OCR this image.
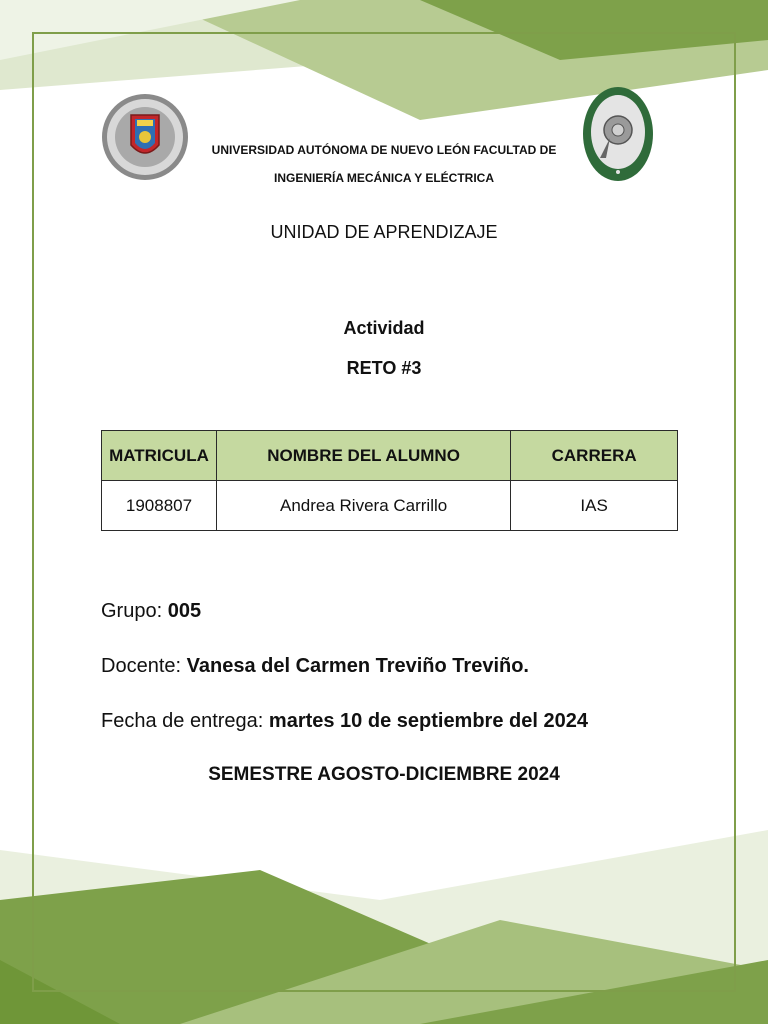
UNIVERSIDAD AUTÓNOMA DE NUEVO LEÓN FACULTAD DE
INGENIERÍA MECÁNICA Y ELÉCTRICA
UNIDAD DE APRENDIZAJE
Actividad
RETO #3
MATRICULA	NOMBRE DEL ALUMNO	CARRERA
1908807	Andrea Rivera Carrillo	IAS
Grupo: 005
Docente: Vanesa del Carmen Treviño Treviño.
Fecha de entrega: martes 10 de septiembre del 2024
SEMESTRE AGOSTO-DICIEMBRE 2024
